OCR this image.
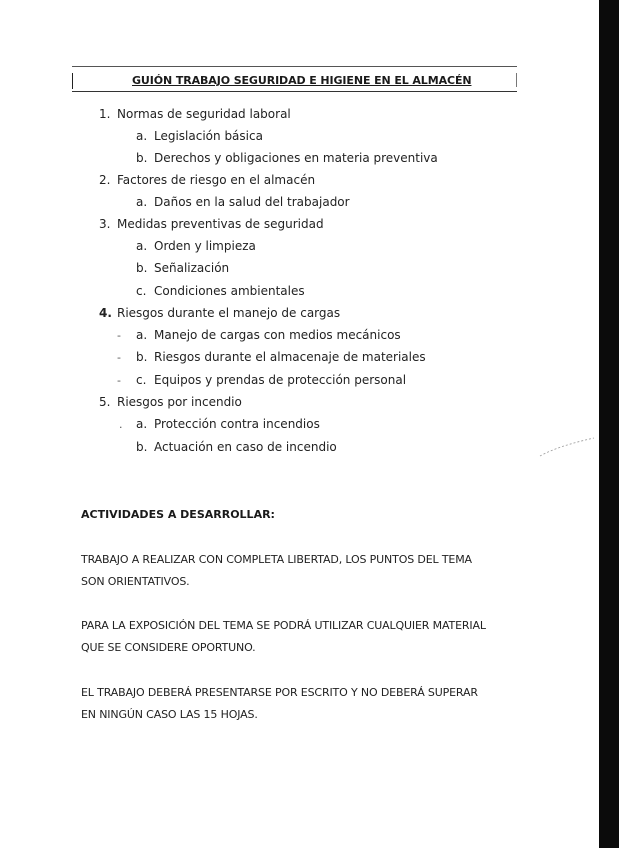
GUIÓN TRABAJO SEGURIDAD E HIGIENE EN EL ALMACÉN
1. Normas de seguridad laboral
a. Legislación básica
b. Derechos y obligaciones en materia preventiva
2. Factores de riesgo en el almacén
a. Daños en la salud del trabajador
3. Medidas preventivas de seguridad
a. Orden y limpieza
b. Señalización
c. Condiciones ambientales
4. Riesgos durante el manejo de cargas
- a. Manejo de cargas con medios mecánicos
- b. Riesgos durante el almacenaje de materiales
- c. Equipos y prendas de protección personal
5. Riesgos por incendio
. a. Protección contra incendios
b. Actuación en caso de incendio
ACTIVIDADES A DESARROLLAR:
TRABAJO A REALIZAR CON COMPLETA LIBERTAD, LOS PUNTOS DEL TEMA
SON ORIENTATIVOS.
PARA LA EXPOSICIÓN DEL TEMA SE PODRÁ UTILIZAR CUALQUIER MATERIAL
QUE SE CONSIDERE OPORTUNO.
EL TRABAJO DEBERÁ PRESENTARSE POR ESCRITO Y NO DEBERÁ SUPERAR
EN NINGÚN CASO LAS 15 HOJAS.
